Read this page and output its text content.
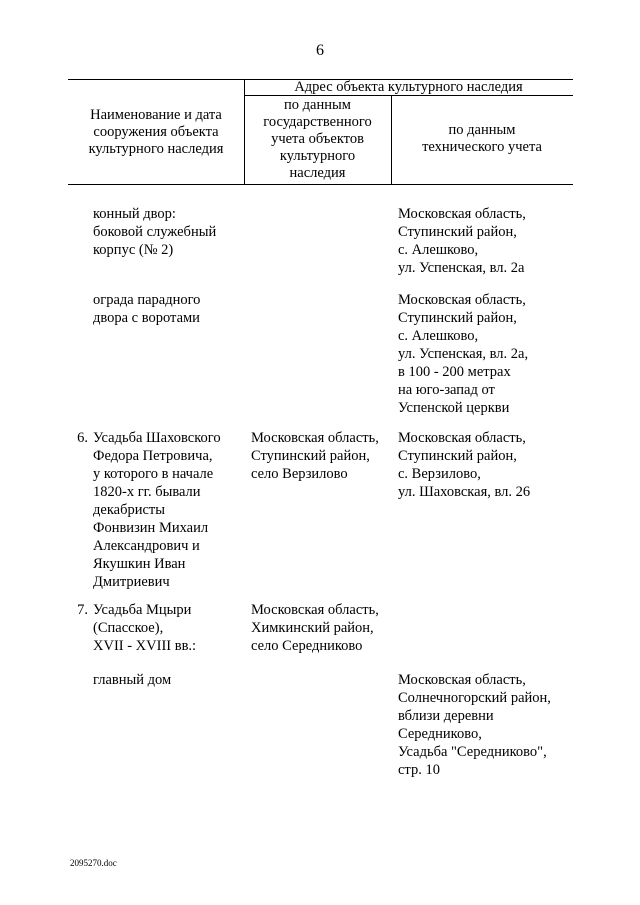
6
Наименование и дата
сооружения объекта
культурного наследия
Адрес объекта культурного наследия
по данным
государственного
учета объектов
культурного
наследия
по данным
технического учета
конный двор:
боковой служебный
корпус (№ 2)
Московская область,
Ступинский район,
с. Алешково,
ул. Успенская, вл. 2а
ограда парадного
двора с воротами
Московская область,
Ступинский район,
с. Алешково,
ул. Успенская, вл. 2а,
в 100 - 200 метрах
на юго-запад от
Успенской церкви
6. Усадьба Шаховского
Федора Петровича,
у которого в начале
1820-х гг. бывали
декабристы
Фонвизин Михаил
Александрович и
Якушкин Иван
Дмитриевич
Московская область,
Ступинский район,
село Верзилово
Московская область,
Ступинский район,
с. Верзилово,
ул. Шаховская, вл. 26
7. Усадьба Мцыри
(Спасское),
XVII - XVIII вв.:
Московская область,
Химкинский район,
село Середниково
главный дом	Московская область,
Солнечногорский район,
вблизи деревни
Середниково,
Усадьба "Середниково",
стр. 10
2095270.doc
